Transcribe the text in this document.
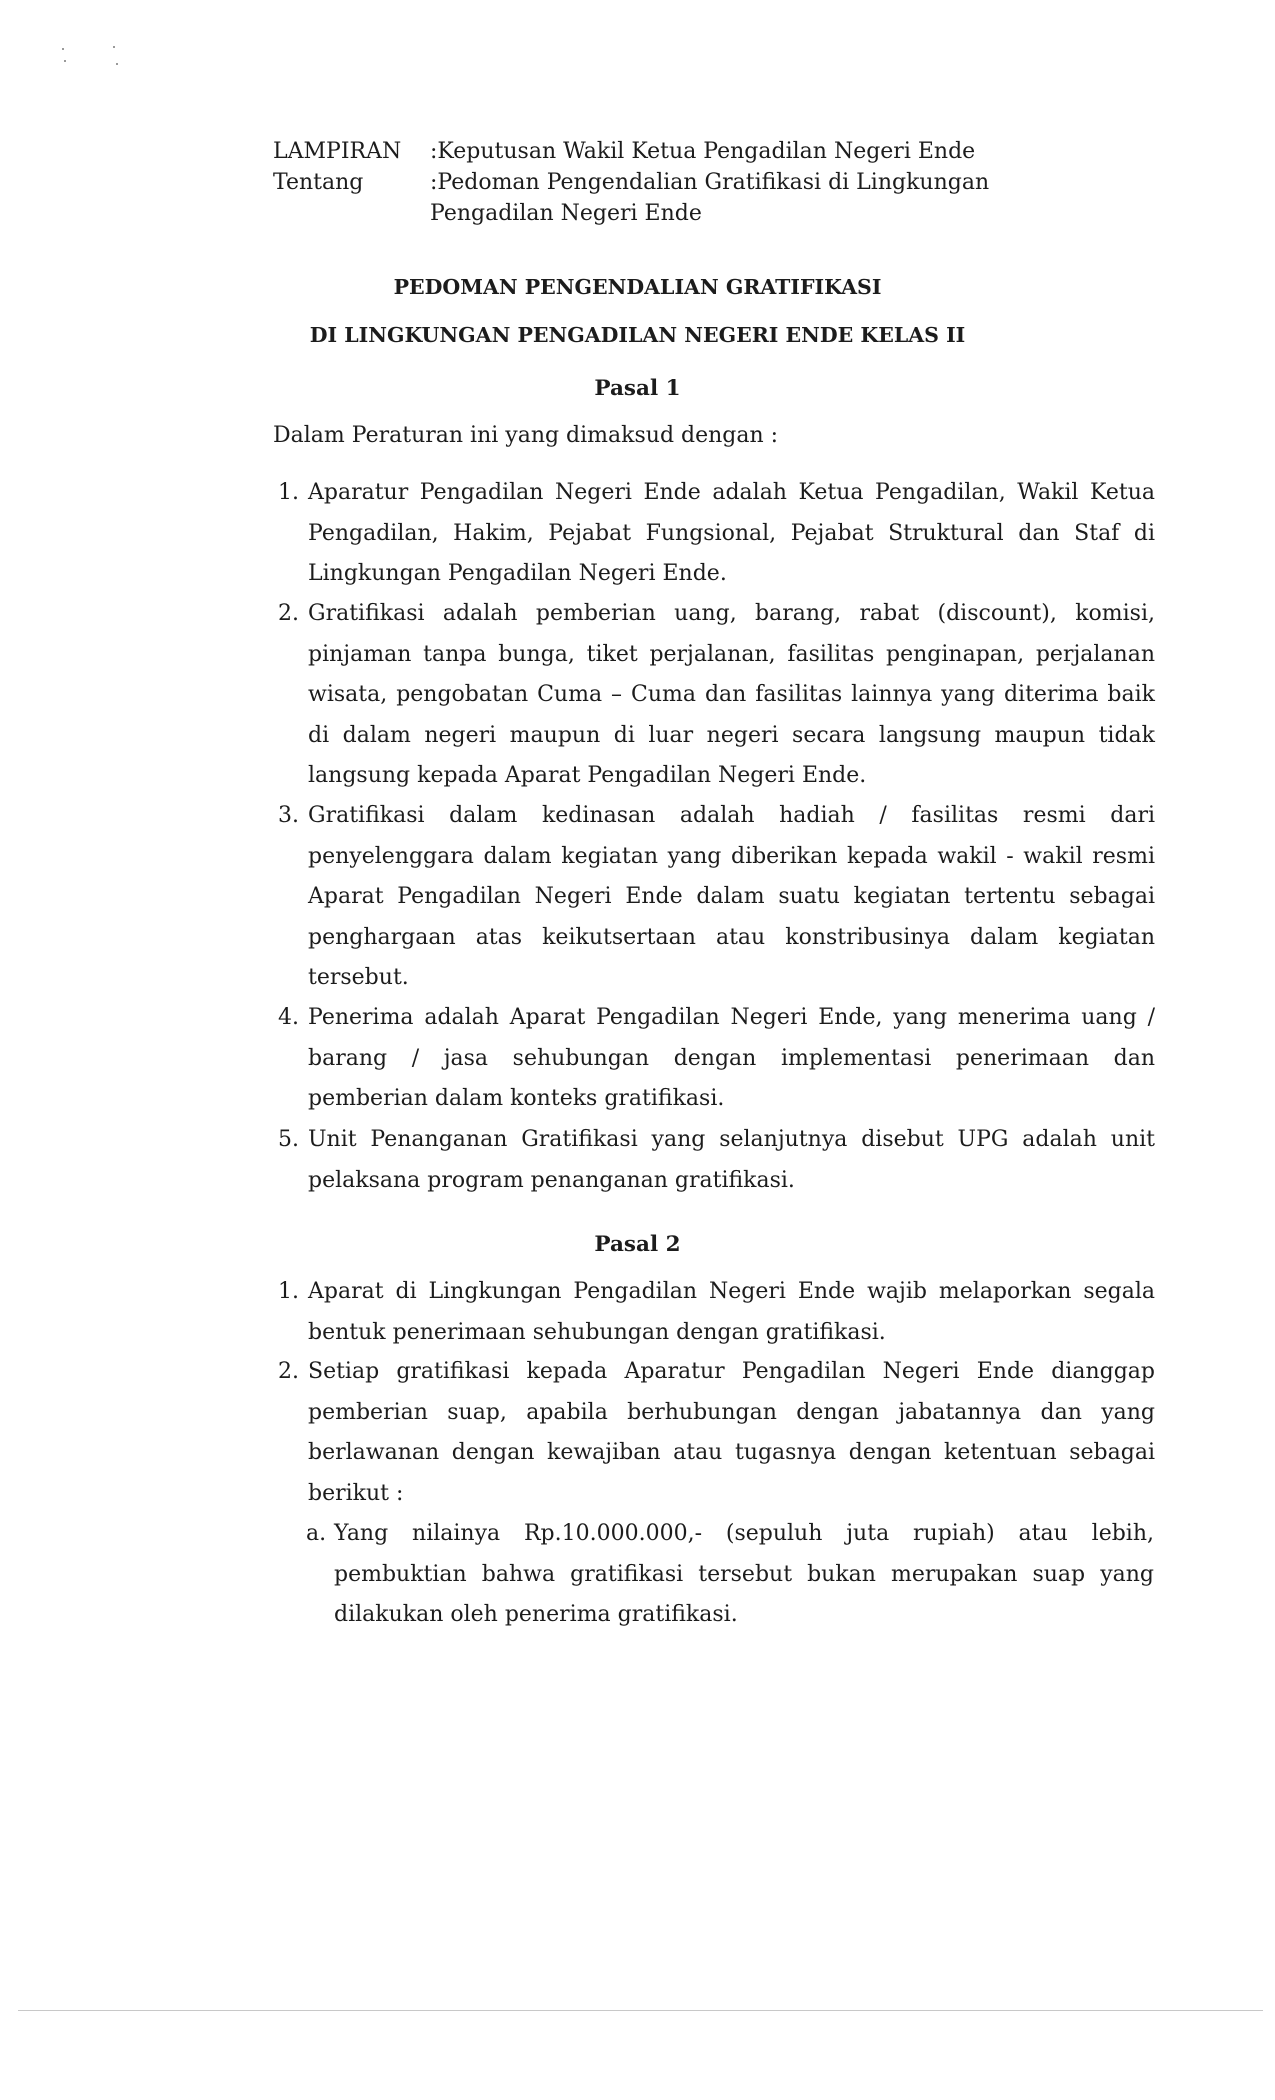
LAMPIRAN :Keputusan Wakil Ketua Pengadilan Negeri Ende
Tentang	:Pedoman Pengendalian Gratifikasi di Lingkungan
Pengadilan Negeri Ende
PEDOMAN PENGENDALIAN GRATIFIKASI
DI LINGKUNGAN PENGADILAN NEGERI ENDE KELAS II
Pasal 1
Dalam Peraturan ini yang dimaksud dengan :
1. Aparatur Pengadilan Negeri Ende adalah Ketua Pengadilan, Wakil Ketua Pengadilan, Hakim, Pejabat Fungsional, Pejabat Struktural dan Staf di Lingkungan Pengadilan Negeri Ende.
2. Gratifikasi adalah pemberian uang, barang, rabat (discount), komisi, pinjaman tanpa bunga, tiket perjalanan, fasilitas penginapan, perjalanan wisata, pengobatan Cuma – Cuma dan fasilitas lainnya yang diterima baik di dalam negeri maupun di luar negeri secara langsung maupun tidak langsung kepada Aparat Pengadilan Negeri Ende.
3. Gratifikasi dalam kedinasan adalah hadiah / fasilitas resmi dari penyelenggara dalam kegiatan yang diberikan kepada wakil - wakil resmi Aparat Pengadilan Negeri Ende dalam suatu kegiatan tertentu sebagai penghargaan atas keikutsertaan atau konstribusinya dalam kegiatan tersebut.
4. Penerima adalah Aparat Pengadilan Negeri Ende, yang menerima uang / barang / jasa sehubungan dengan implementasi penerimaan dan pemberian dalam konteks gratifikasi.
5. Unit Penanganan Gratifikasi yang selanjutnya disebut UPG adalah unit pelaksana program penanganan gratifikasi.
Pasal 2
1. Aparat di Lingkungan Pengadilan Negeri Ende wajib melaporkan segala bentuk penerimaan sehubungan dengan gratifikasi.
2. Setiap gratifikasi kepada Aparatur Pengadilan Negeri Ende dianggap pemberian suap, apabila berhubungan dengan jabatannya dan yang berlawanan dengan kewajiban atau tugasnya dengan ketentuan sebagai berikut :
a. Yang nilainya Rp.10.000.000,- (sepuluh juta rupiah) atau lebih, pembuktian bahwa gratifikasi tersebut bukan merupakan suap yang dilakukan oleh penerima gratifikasi.
